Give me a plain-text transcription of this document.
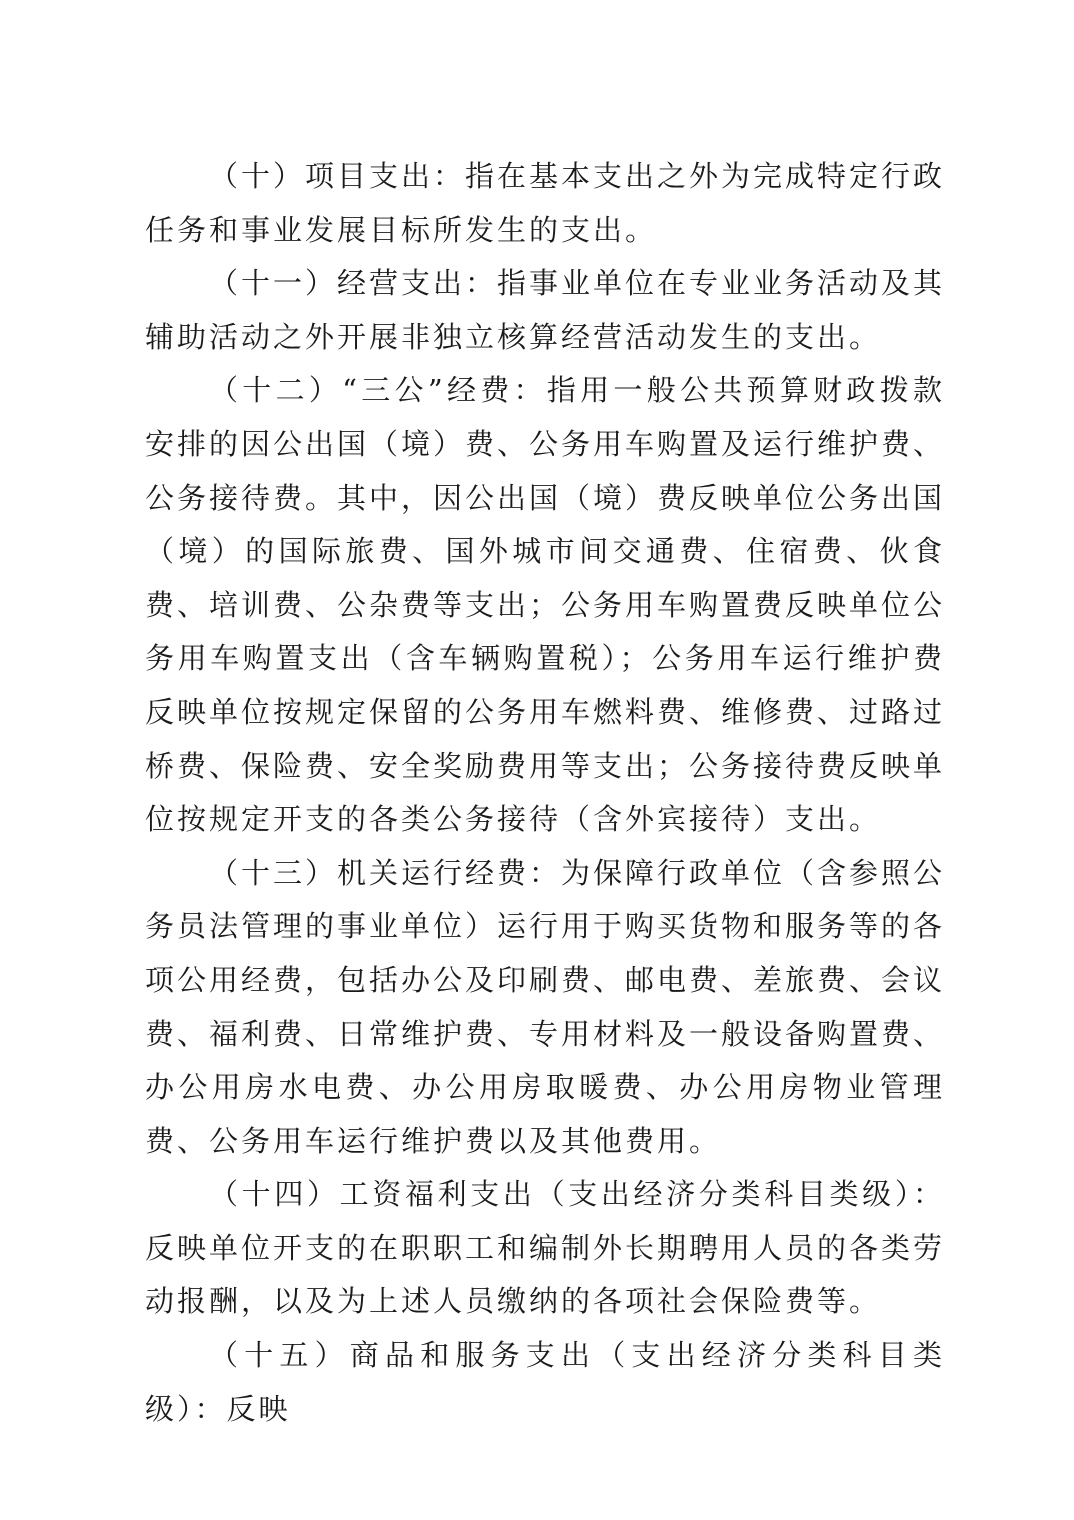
（十）项目支出：指在基本支出之外为完成特定行政任务和事业发展目标所发生的支出。

（十一）经营支出：指事业单位在专业业务活动及其辅助活动之外开展非独立核算经营活动发生的支出。

（十二）“三公”经费：指用一般公共预算财政拨款安排的因公出国（境）费、公务用车购置及运行维护费、公务接待费。其中，因公出国（境）费反映单位公务出国（境）的国际旅费、国外城市间交通费、住宿费、伙食费、培训费、公杂费等支出；公务用车购置费反映单位公务用车购置支出（含车辆购置税）；公务用车运行维护费反映单位按规定保留的公务用车燃料费、维修费、过路过桥费、保险费、安全奖励费用等支出；公务接待费反映单位按规定开支的各类公务接待（含外宾接待）支出。

（十三）机关运行经费：为保障行政单位（含参照公务员法管理的事业单位）运行用于购买货物和服务等的各项公用经费，包括办公及印刷费、邮电费、差旅费、会议费、福利费、日常维护费、专用材料及一般设备购置费、办公用房水电费、办公用房取暖费、办公用房物业管理费、公务用车运行维护费以及其他费用。

（十四）工资福利支出（支出经济分类科目类级）：反映单位开支的在职职工和编制外长期聘用人员的各类劳动报酬，以及为上述人员缴纳的各项社会保险费等。

（十五）商品和服务支出（支出经济分类科目类级）：反映
